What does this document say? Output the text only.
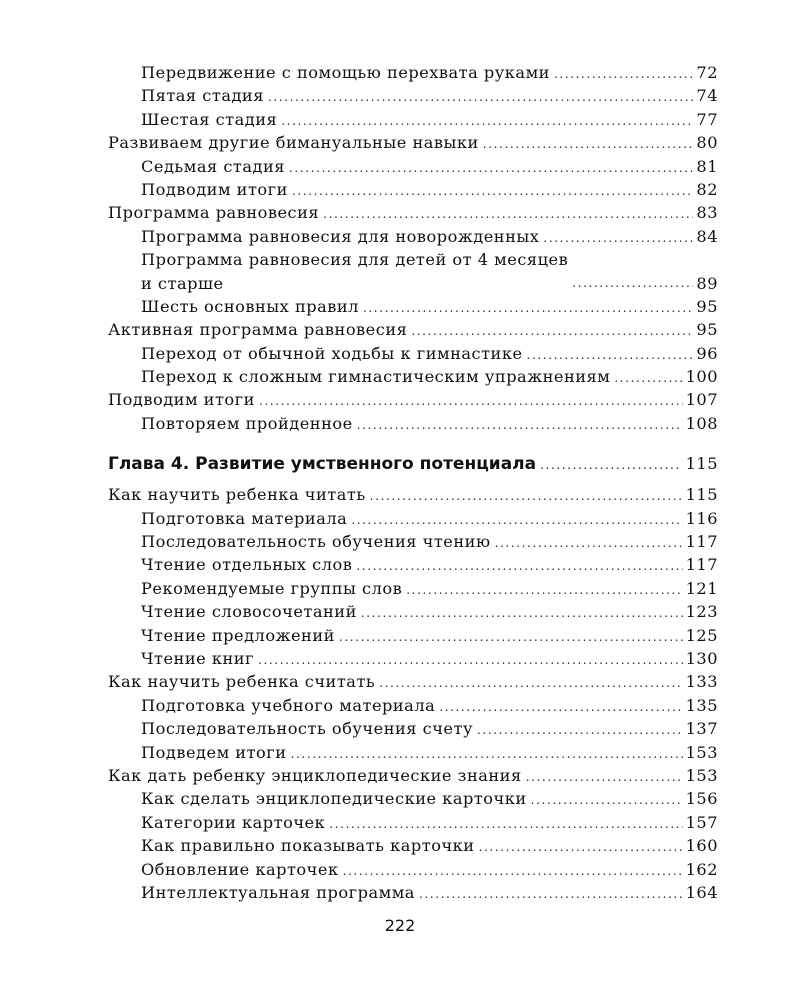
Передвижение с помощью перехвата руками .....	72
Пятая стадия .....	74
Шестая стадия .....	77
Развиваем другие бимануальные навыки .....	80
Седьмая стадия .....	81
Подводим итоги .....	82
Программа равновесия .....	83
Программа равновесия для новорожденных .....	84
Программа равновесия для детей от 4 месяцев
и старше .....	89
Шесть основных правил .....	95
Активная программа равновесия .....	95
Переход от обычной ходьбы к гимнастике .....	96
Переход к сложным гимнастическим упражнениям .....	100
Подводим итоги .....	107
Повторяем пройденное .....	108
Глава 4. Развитие умственного потенциала .....	115
Как научить ребенка читать .....	115
Подготовка материала .....	116
Последовательность обучения чтению .....	117
Чтение отдельных слов .....	117
Рекомендуемые группы слов .....	121
Чтение словосочетаний .....	123
Чтение предложений .....	125
Чтение книг .....	130
Как научить ребенка считать .....	133
Подготовка учебного материала .....	135
Последовательность обучения счету .....	137
Подведем итоги .....	153
Как дать ребенку энциклопедические знания .....	153
Как сделать энциклопедические карточки .....	156
Категории карточек .....	157
Как правильно показывать карточки .....	160
Обновление карточек .....	162
Интеллектуальная программа .....	164
222
